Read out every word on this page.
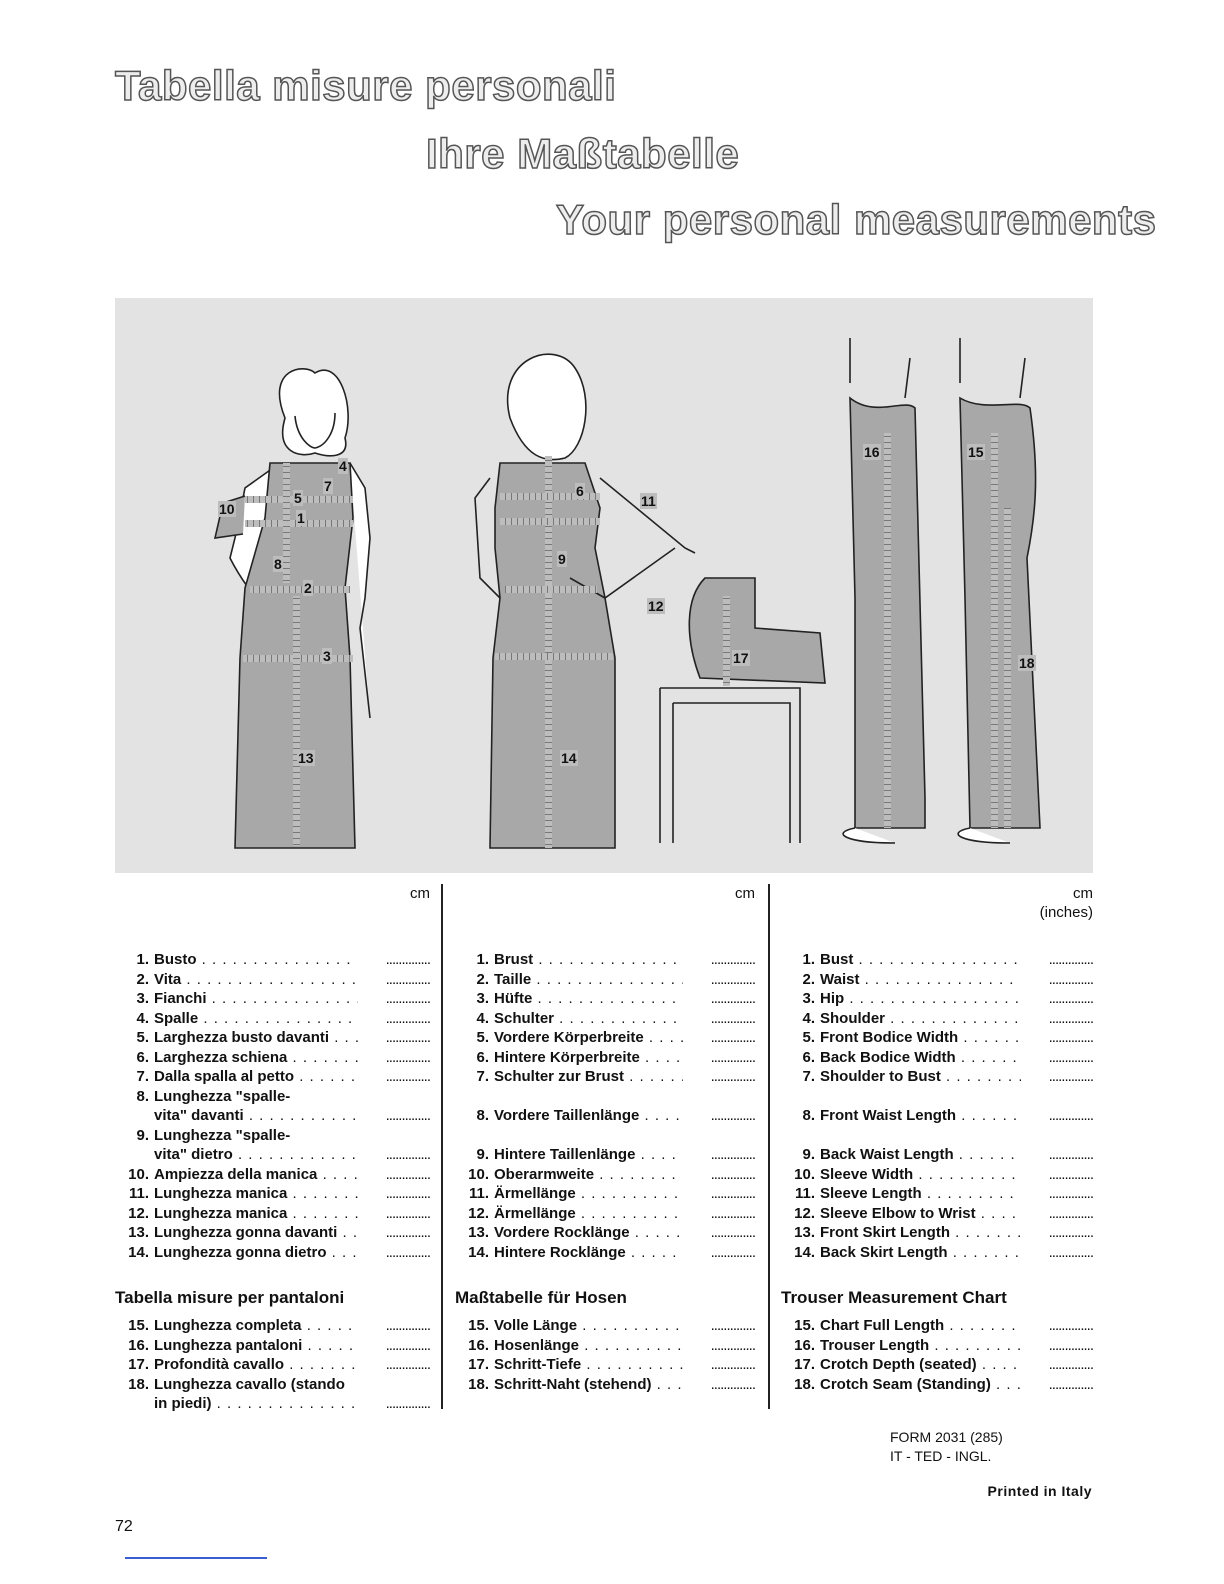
Tabella misure personali
Ihre Maßtabelle
Your personal measurements
1
2
3
4
5	6
7
8	9
10	11
12
13	14
15
16
17	18
cm
1. Busto . . .	..............
2. Vita . . .	..............
3. Fianchi . . .	..............
4. Spalle . . .	..............
5. Larghezza busto davanti . . .	..............
6. Larghezza schiena . . .	..............
7. Dalla spalla al petto . . .	..............
8. Lunghezza "spalle-
vita" davanti . . .	..............
9. Lunghezza "spalle-
vita" dietro . . .	..............
10. Ampiezza della manica . . .	..............
11. Lunghezza manica . . .	..............
12. Lunghezza manica . . .	..............
13. Lunghezza gonna davanti . . .	..............
14. Lunghezza gonna dietro . . .	..............
Tabella misure per pantaloni
15. Lunghezza completa . . .	..............
16. Lunghezza pantaloni . . .	..............
17. Profondità cavallo . . .	..............
18. Lunghezza cavallo (stando
in piedi) . . .	..............
cm
1. Brust . . .	..............
2. Taille . . .	..............
3. Hüfte . . .	..............
4. Schulter . . .	..............
5. Vordere Körperbreite . . .	..............
6. Hintere Körperbreite . . .	..............
7. Schulter zur Brust . . .	..............

8. Vordere Taillenlänge . . .	..............

9. Hintere Taillenlänge . . .	..............
10. Oberarmweite . . .	..............
11. Ärmellänge . . .	..............
12. Ärmellänge . . .	..............
13. Vordere Rocklänge . . .	..............
14. Hintere Rocklänge . . .	..............
Maßtabelle für Hosen
15. Volle Länge . . .	..............
16. Hosenlänge . . .	..............
17. Schritt-Tiefe . . .	..............
18. Schritt-Naht (stehend) . . .	..............
cm
(inches)
1. Bust . . .	..............
2. Waist . . .	..............
3. Hip . . .	..............
4. Shoulder . . .	..............
5. Front Bodice Width . . .	..............
6. Back Bodice Width . . .	..............
7. Shoulder to Bust . . .	..............

8. Front Waist Length . . .	..............

9. Back Waist Length . . .	..............
10. Sleeve Width . . .	..............
11. Sleeve Length . . .	..............
12. Sleeve Elbow to Wrist . . .	..............
13. Front Skirt Length . . .	..............
14. Back Skirt Length . . .	..............
Trouser Measurement Chart
15. Chart Full Length . . .	..............
16. Trouser Length . . .	..............
17. Crotch Depth (seated) . . .	..............
18. Crotch Seam (Standing) . . .	..............
FORM 2031 (285)
IT - TED - INGL.
Printed in Italy
72
